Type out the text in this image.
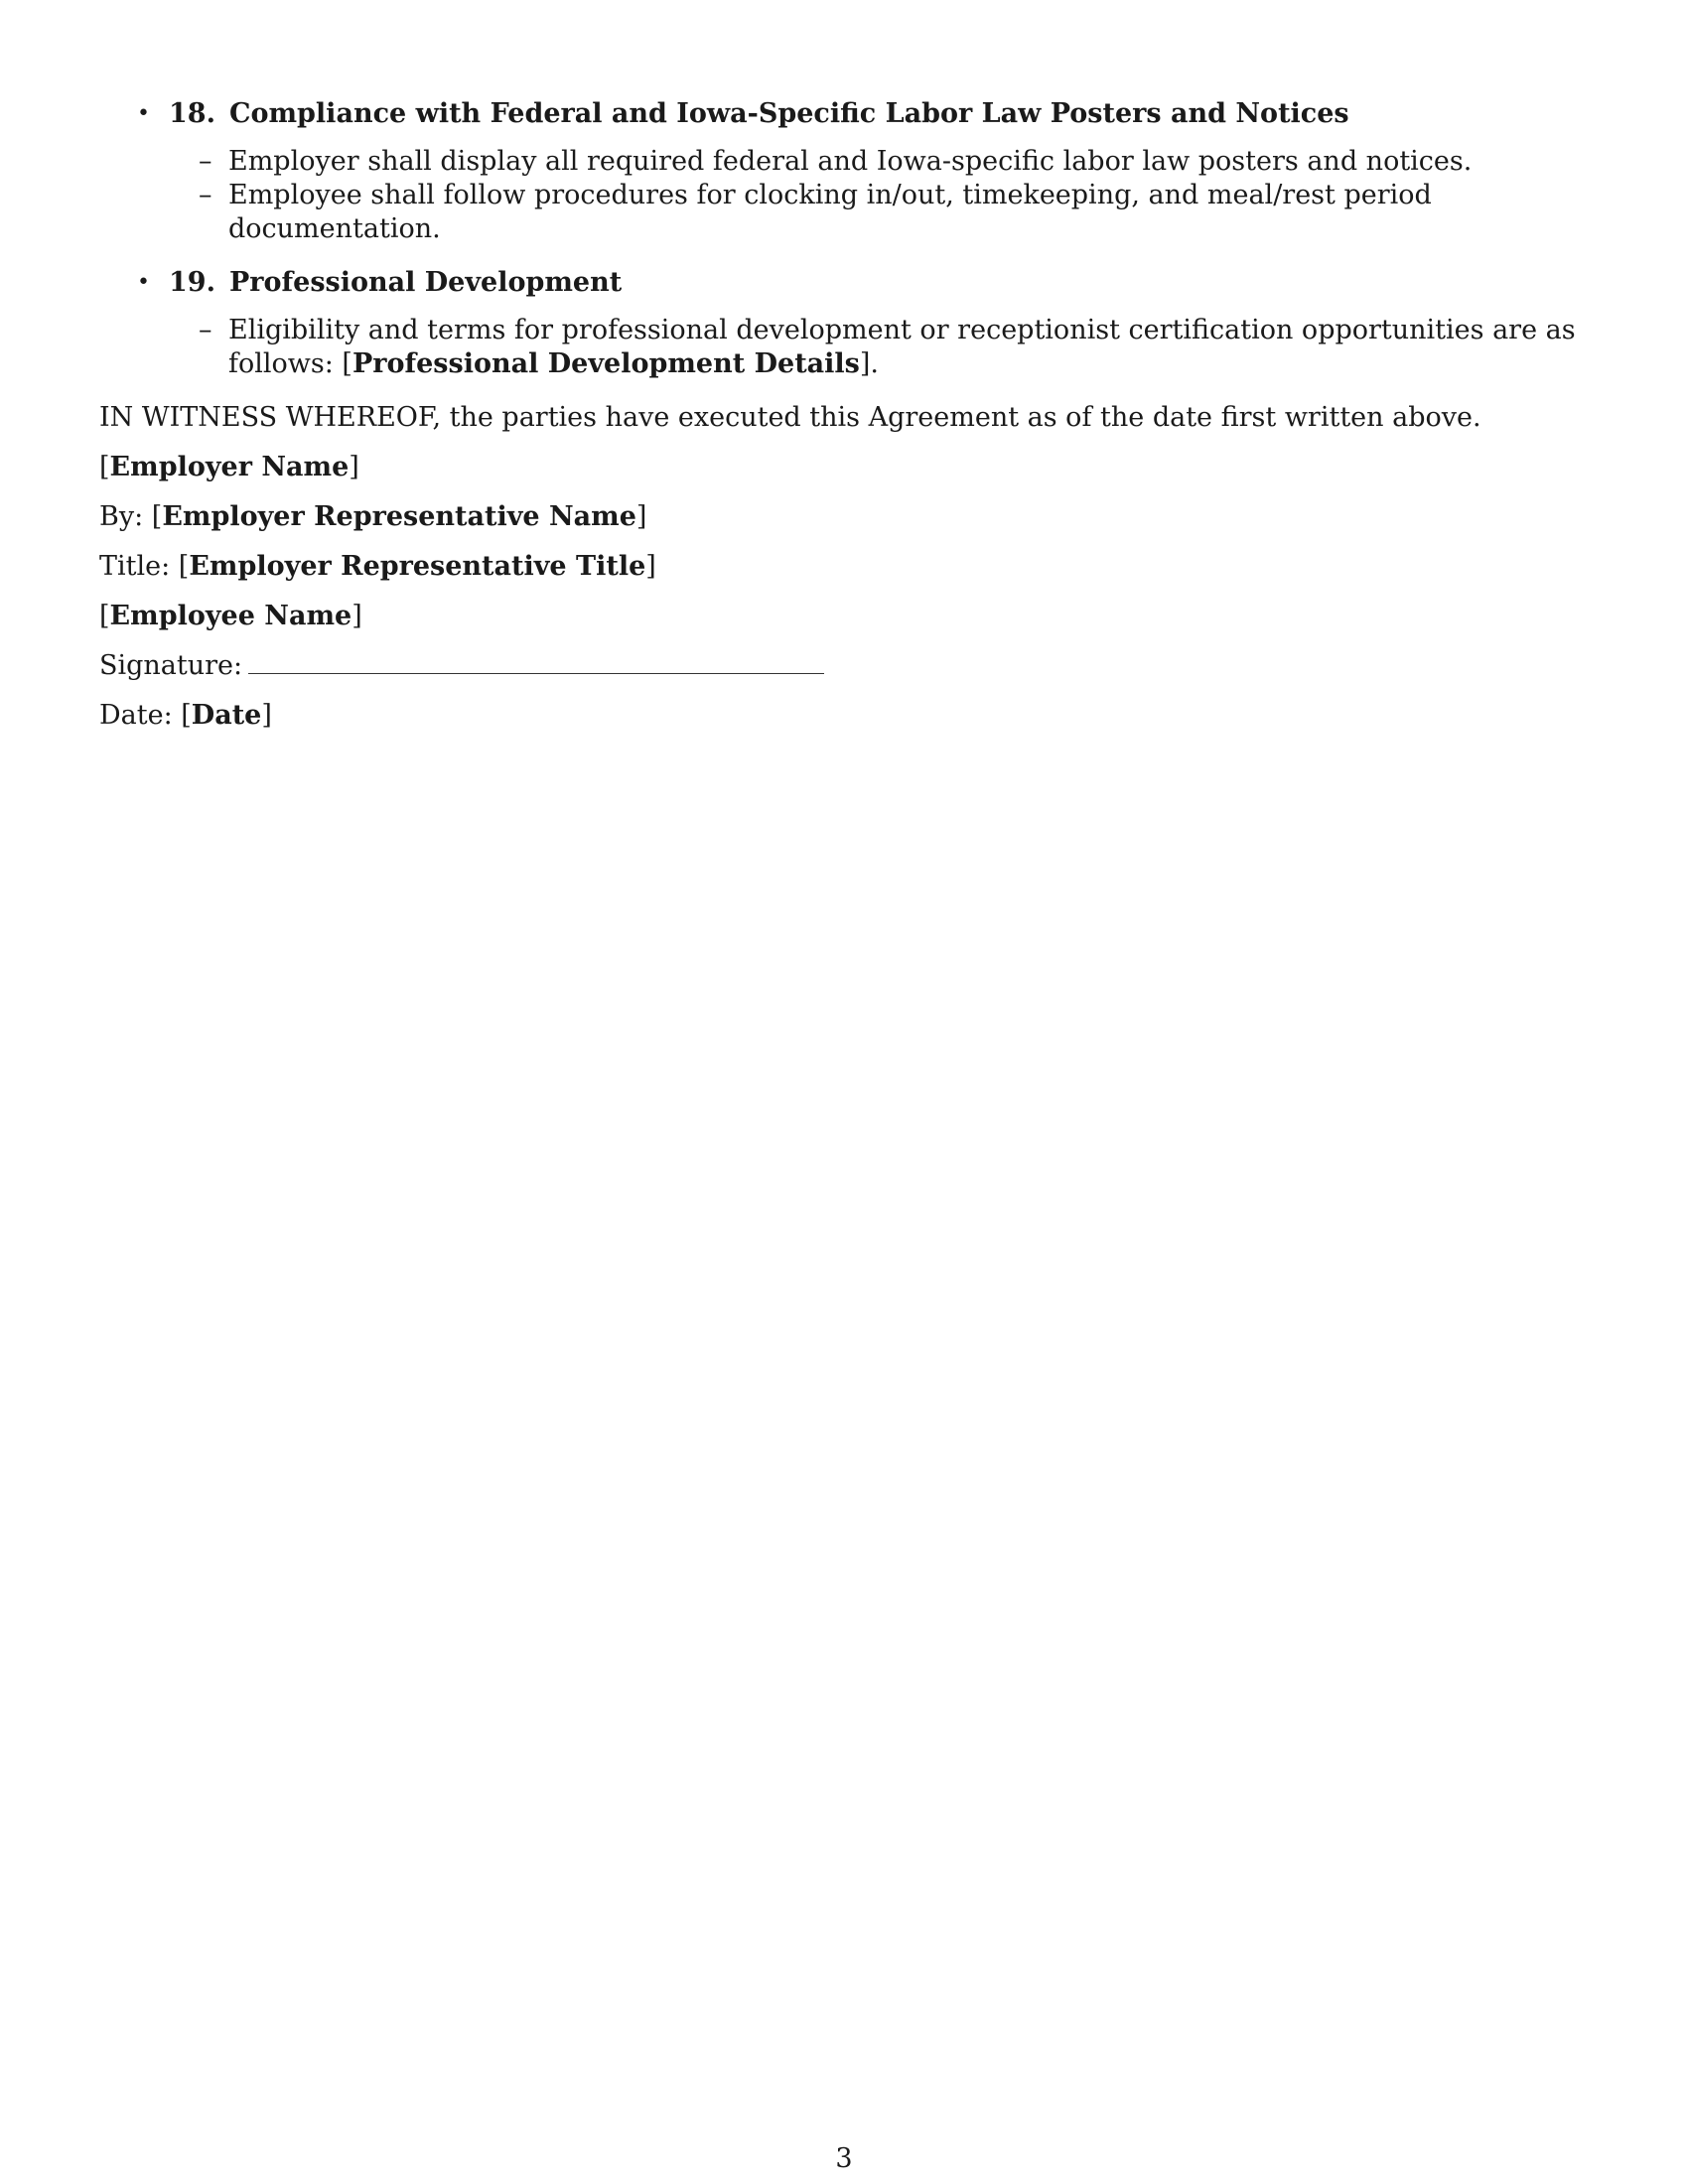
• 18. Compliance with Federal and Iowa-Specific Labor Law Posters and Notices
– Employer shall display all required federal and Iowa-specific labor law posters and notices.
– Employee shall follow procedures for clocking in/out, timekeeping, and meal/rest period documentation.
• 19. Professional Development
– Eligibility and terms for professional development or receptionist certification opportunities are as follows: [Professional Development Details].

IN WITNESS WHEREOF, the parties have executed this Agreement as of the date first written above.

[Employer Name]

By: [Employer Representative Name]

Title: [Employer Representative Title]

[Employee Name]

Signature:

Date: [Date]

3
